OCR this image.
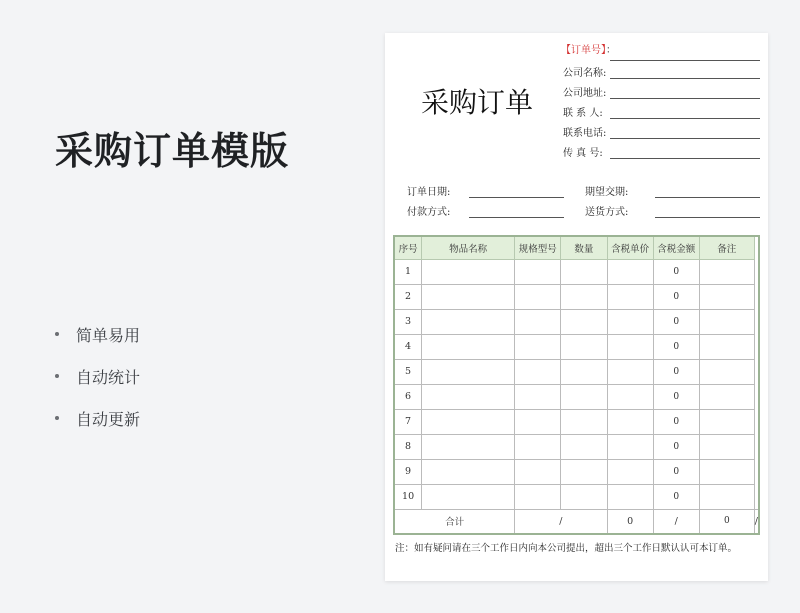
采购订单模版
简单易用
自动统计
自动更新
【订单号】：
采购订单
公司名称:
公司地址:
联 系 人:
联系电话:
传 真 号:
订单日期:	期望交期:
付款方式:	送货方式:
序号	物品名称	规格型号	数量	含税单价	含税金额	备注	
1					0		
2					0		
3					0		
4					0		
5					0		
6					0		
7					0		
8					0		
9					0		
10					0		
合计		/		0	/	0	/
注：如有疑问请在三个工作日内向本公司提出，超出三个工作日默认认可本订单。
